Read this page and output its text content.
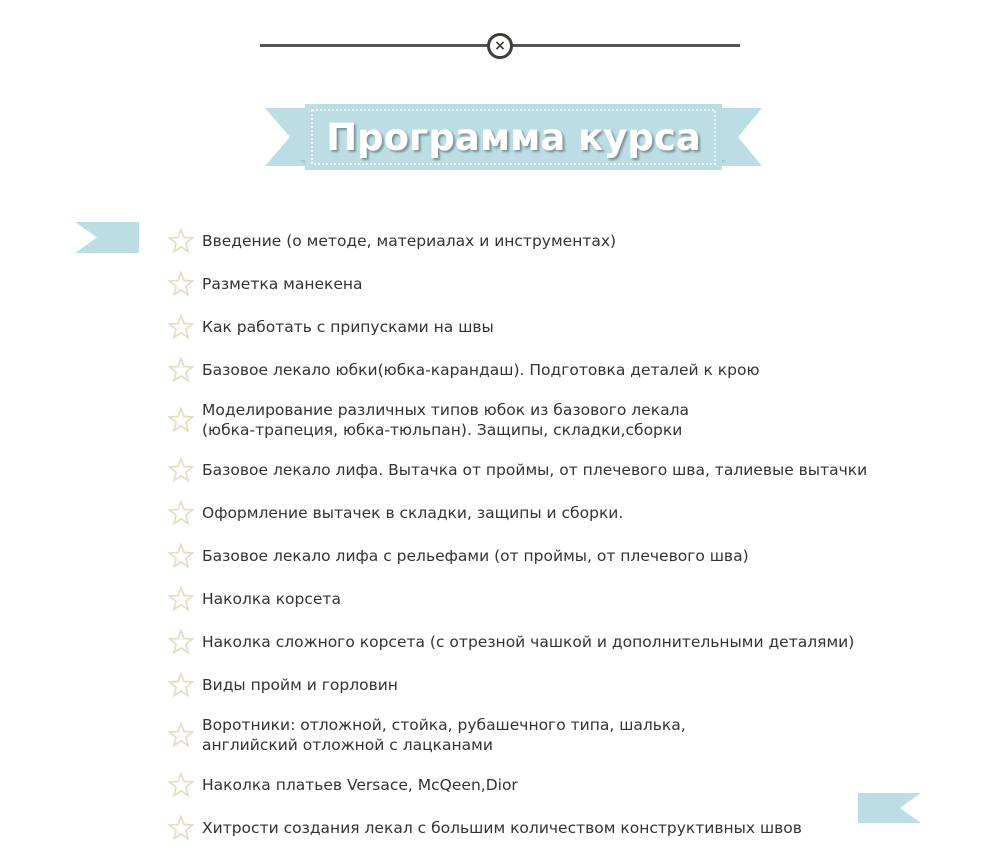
×
Программа курса
Введение (о методе, материалах и инструментах)
Разметка манекена
Как работать с припусками на швы
Базовое лекало юбки(юбка-карандаш). Подготовка деталей к крою
Моделирование различных типов юбок из базового лекала
(юбка-трапеция, юбка-тюльпан). Защипы, складки,сборки
Базовое лекало лифа. Вытачка от проймы, от плечевого шва, талиевые вытачки
Оформление вытачек в складки, защипы и сборки.
Базовое лекало лифа с рельефами (от проймы, от плечевого шва)
Наколка корсета
Наколка сложного корсета (с отрезной чашкой и дополнительными деталями)
Виды пройм и горловин
Воротники: отложной, стойка, рубашечного типа, шалька,
английский отложной с лацканами
Наколка платьев Versace, McQeen,Dior
Хитрости создания лекал с большим количеством конструктивных швов
